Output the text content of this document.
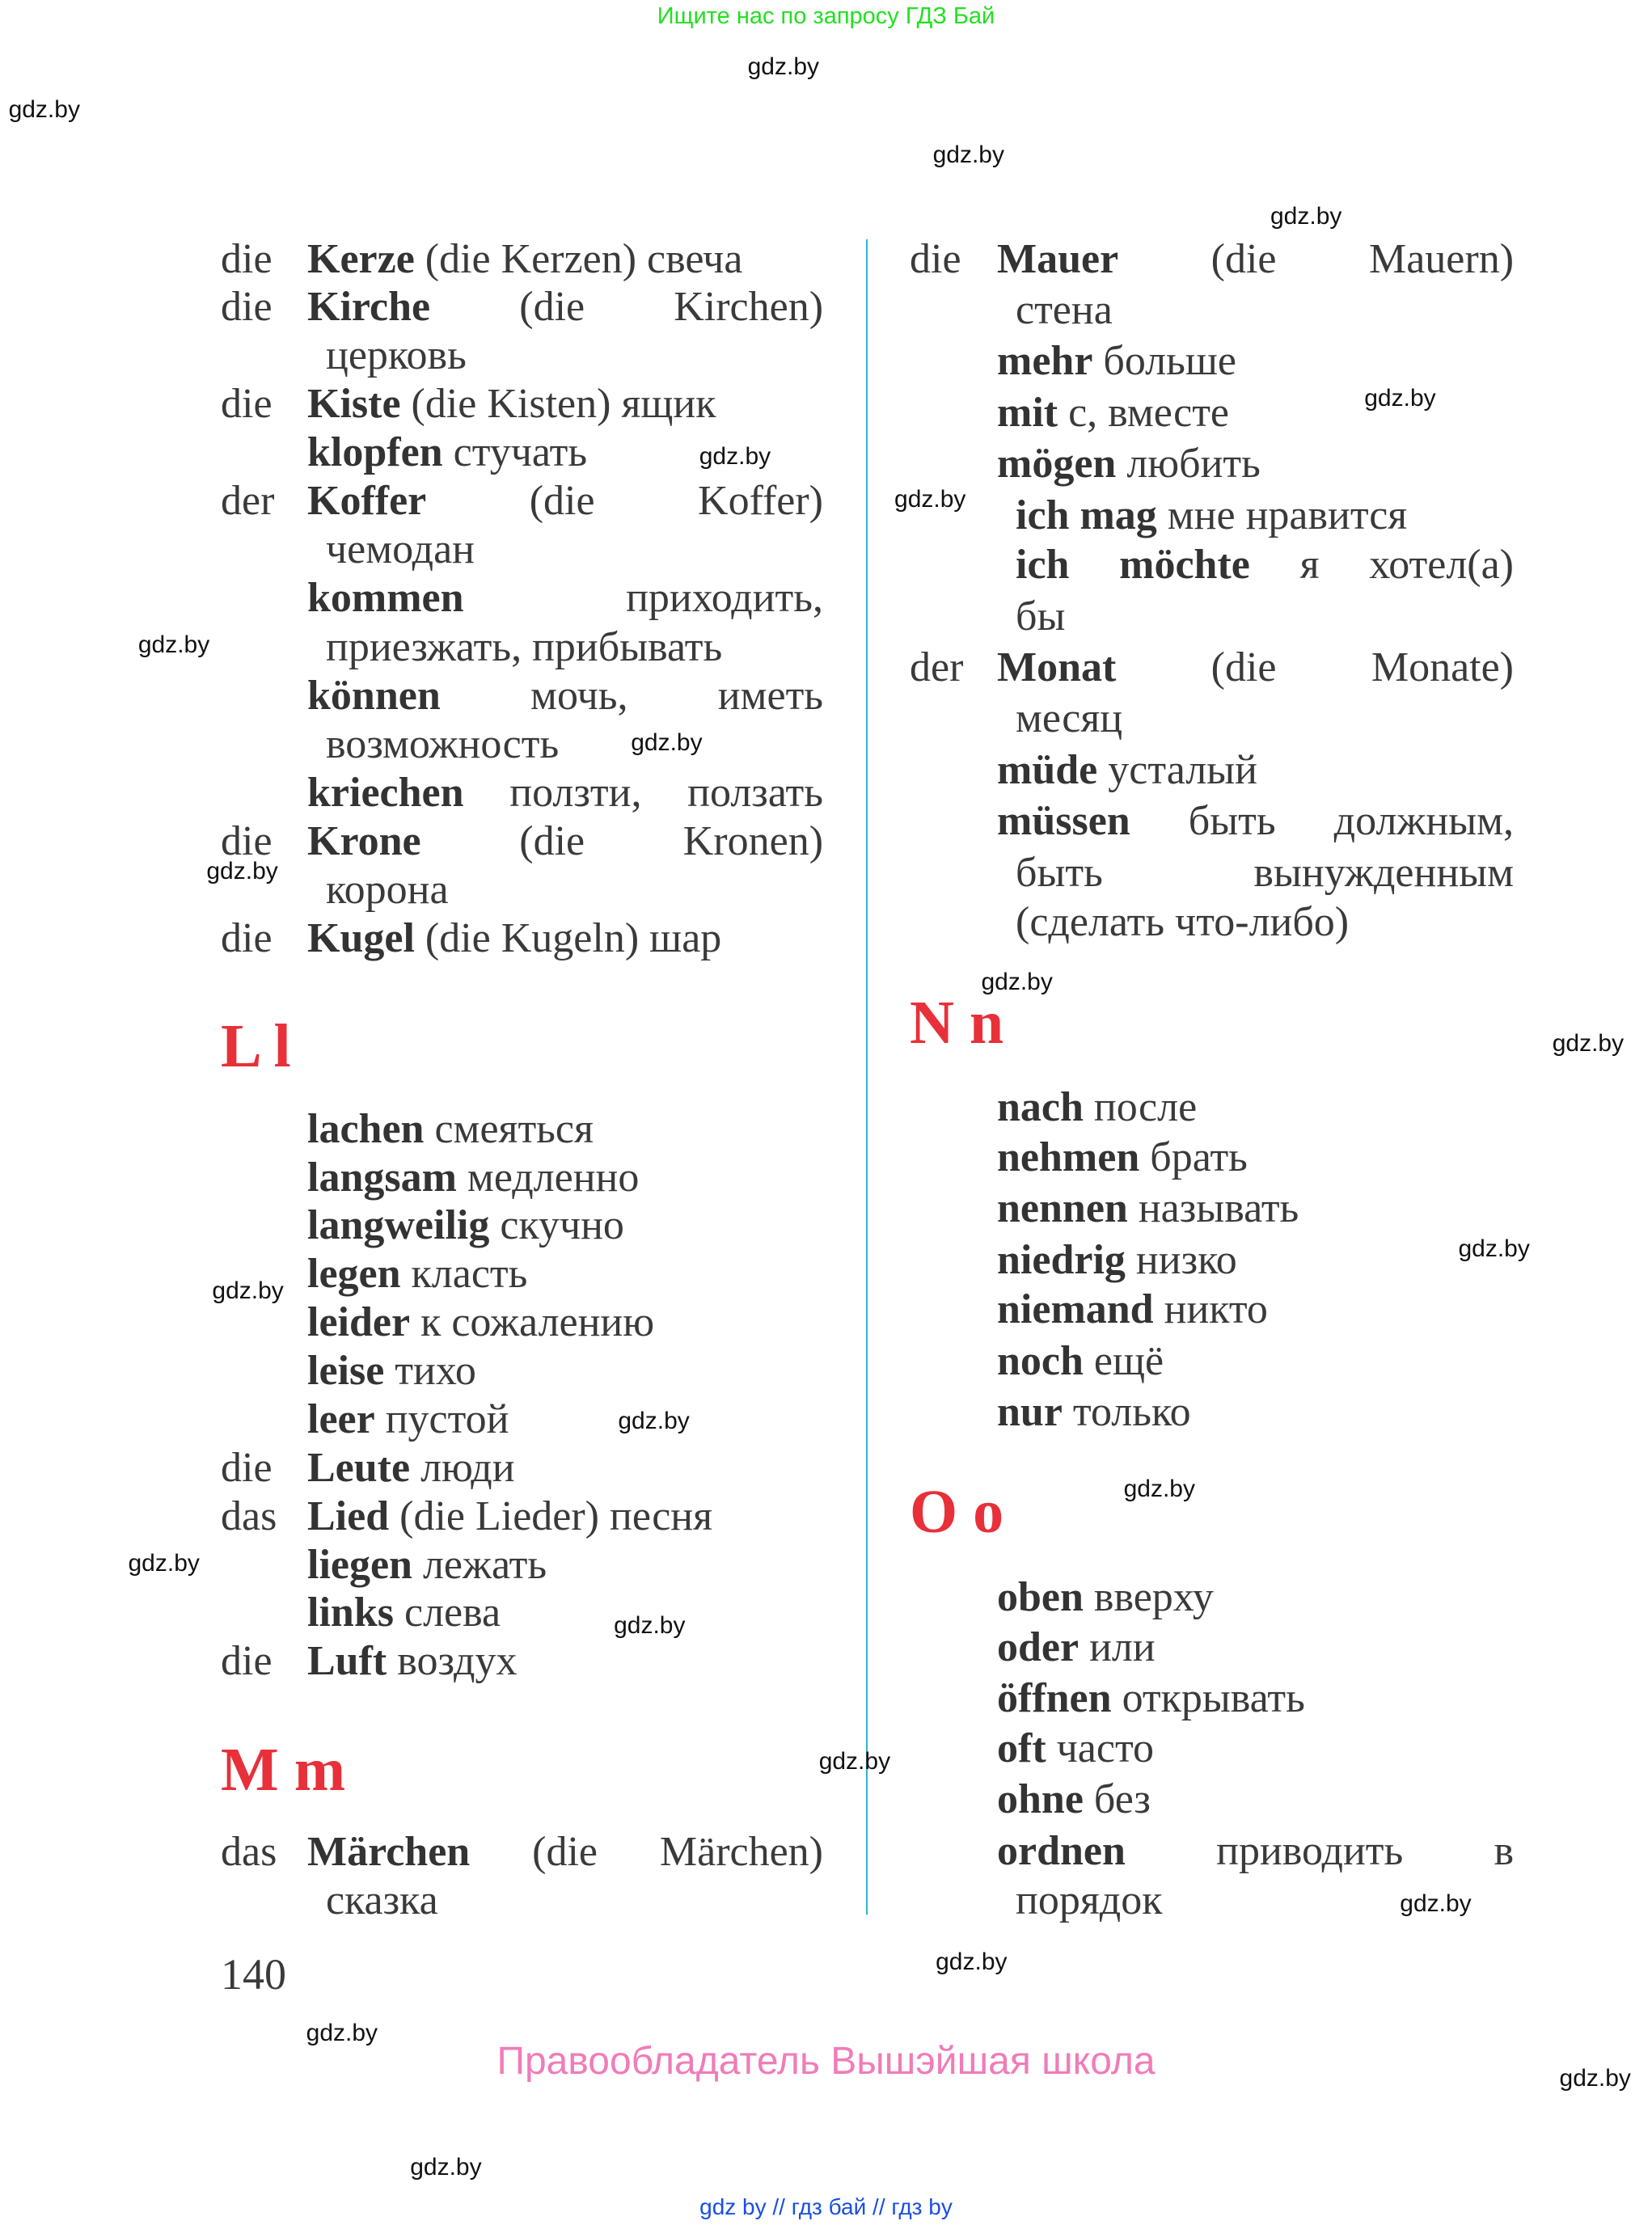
Ищите нас по запросу ГДЗ Бай
die Kerze (die Kerzen) свеча
die Kirche (die Kirchen)
церковь
die Kiste (die Kisten) ящик
klopfen стучать
der Koffer (die Koffer)
чемодан
kommen	приходить,
приезжать, прибывать
können мочь, иметь
возможность
kriechen ползти, ползать
die Krone (die Kronen)
корона
die Kugel (die Kugeln) шар
L l
lachen смеяться
langsam медленно
langweilig скучно
legen класть
leider к сожалению
leise тихо
leer пустой
die Leute люди
das Lied (die Lieder) песня
liegen лежать
links слева
die Luft воздух
M m
das Märchen (die Märchen)
сказка
die Mauer (die Mauern)
стена
mehr больше
mit с, вместе
mögen любить
ich mag мне нравится
ich möchte я хотел(а)
бы
der Monat (die Monate)
месяц
müde усталый
müssen быть должным,
быть вынужденным
(сделать что-либо)
N n
nach после
nehmen брать
nennen называть
niedrig низко
niemand никто
noch ещё
nur только
O o
oben вверху
oder или
öffnen открывать
oft часто
ohne без
ordnen приводить в
порядок
140
Правообладатель Вышэйшая школа
gdz by // гдз бай // гдз by
gdz.by
gdz.by
gdz.by
gdz.by
gdz.by
gdz.by
gdz.by
gdz.by
gdz.by
gdz.by
gdz.by
gdz.by
gdz.by
gdz.by
gdz.by
gdz.by
gdz.by
gdz.by
gdz.by
gdz.by
gdz.by
gdz.by
gdz.by
gdz.by
